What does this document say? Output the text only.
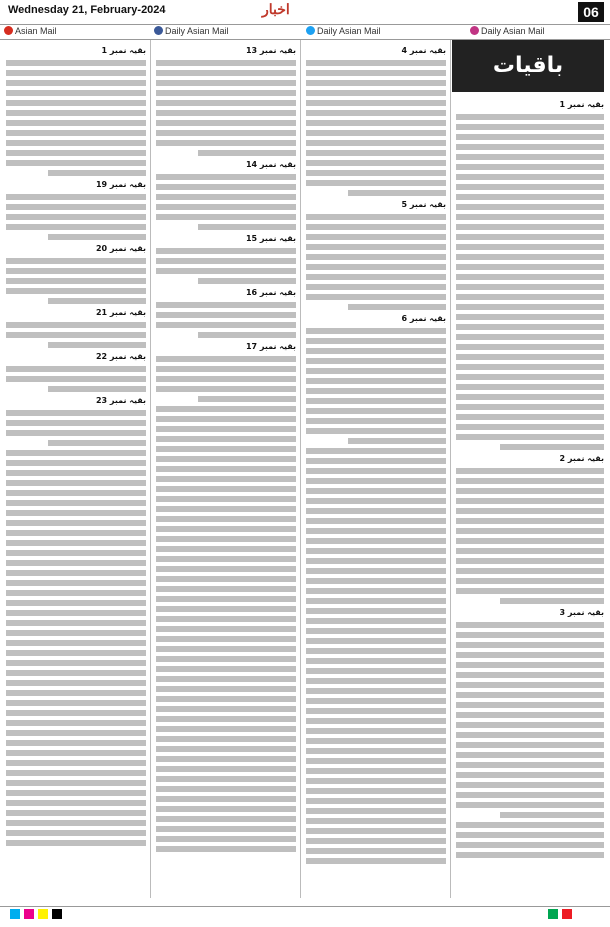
Wednesday 21, February-2024	اخبار	06
Asian Mail	Daily Asian Mail	Daily Asian Mail	Daily Asian Mail
باقیات
بقیہ نمبر 1
بقیہ نمبر 19
بقیہ نمبر 20
بقیہ نمبر 21
بقیہ نمبر 22
بقیہ نمبر 23
بقیہ نمبر 13
بقیہ نمبر 14
بقیہ نمبر 15
بقیہ نمبر 16
بقیہ نمبر 17
بقیہ نمبر 4
بقیہ نمبر 5
بقیہ نمبر 6
بقیہ نمبر 1
بقیہ نمبر 2
بقیہ نمبر 3
